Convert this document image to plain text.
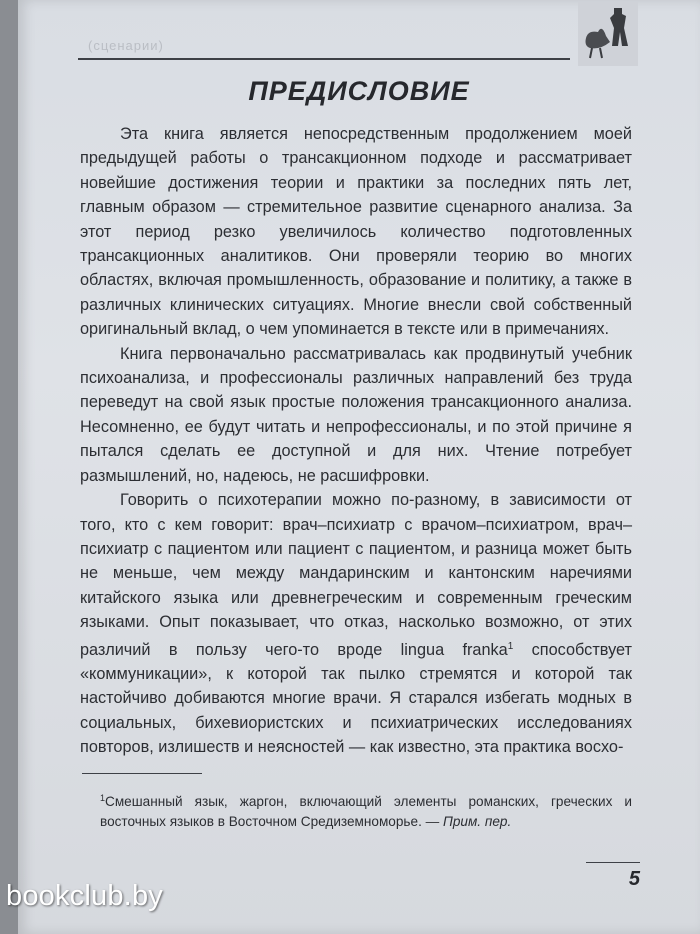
(сценарии)
ПРЕДИСЛОВИЕ

Эта книга является непосредственным продолжением моей предыдущей работы о трансакционном подходе и рассматривает новейшие достижения теории и практики за последних пять лет, главным образом — стремительное развитие сценарного анализа. За этот период резко увеличилось количество подготовленных трансакционных аналитиков. Они проверяли теорию во многих областях, включая промышленность, образование и политику, а также в различных клинических ситуациях. Многие внесли свой собственный оригинальный вклад, о чем упоминается в тексте или в примечаниях.

Книга первоначально рассматривалась как продвинутый учебник психоанализа, и профессионалы различных направлений без труда переведут на свой язык простые положения трансакционного анализа. Несомненно, ее будут читать и непрофессионалы, и по этой причине я пытался сделать ее доступной и для них. Чтение потребует размышлений, но, надеюсь, не расшифровки.

Говорить о психотерапии можно по-разному, в зависимости от того, кто с кем говорит: врач–психиатр с врачом–психиатром, врач–психиатр с пациентом или пациент с пациентом, и разница может быть не меньше, чем между мандаринским и кантонским наречиями китайского языка или древнегреческим и современным греческим языками. Опыт показывает, что отказ, насколько возможно, от этих различий в пользу чего-то вроде lingua franka$^1$ способствует «коммуникации», к которой так пылко стремятся и которой так настойчиво добиваются многие врачи. Я старался избегать модных в социальных, бихевиористских и психиатрических исследованиях повторов, излишеств и неясностей — как известно, эта практика восхо-

$^1$Смешанный язык, жаргон, включающий элементы романских, греческих и восточных языков в Восточном Средиземноморье. — Прим. пер.
5
bookclub.by
